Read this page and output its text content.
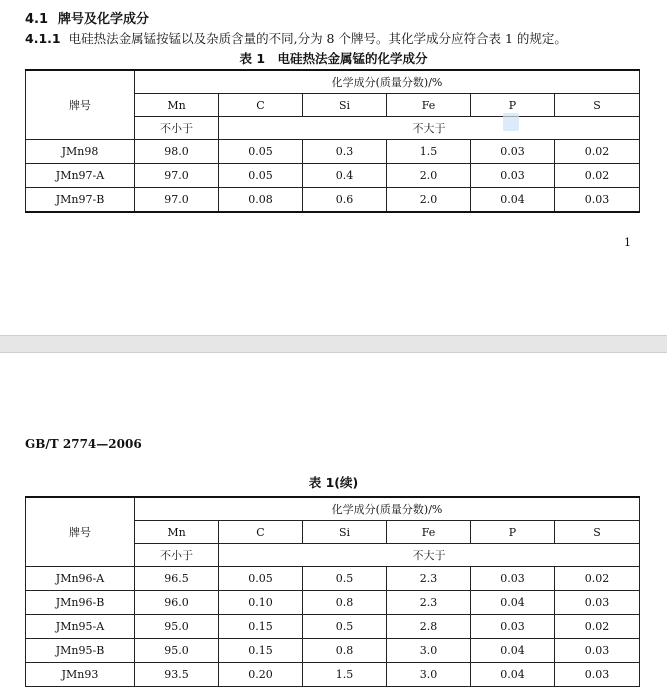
4.1 牌号及化学成分
4.1.1 电硅热法金属锰按锰以及杂质含量的不同,分为 8 个牌号。其化学成分应符合表 1 的规定。
表 1　电硅热法金属锰的化学成分
牌号	化学成分(质量分数)/%					
	Mn	C	Si	Fe	P	S
	不小于	不大于				
JMn98	98.0	0.05	0.3	1.5	0.03	0.02
JMn97-A	97.0	0.05	0.4	2.0	0.03	0.02
JMn97-B	97.0	0.08	0.6	2.0	0.04	0.03
1
GB/T 2774—2006
表 1(续)
牌号	化学成分(质量分数)/%					
	Mn	C	Si	Fe	P	S
	不小于	不大于				
JMn96-A	96.5	0.05	0.5	2.3	0.03	0.02
JMn96-B	96.0	0.10	0.8	2.3	0.04	0.03
JMn95-A	95.0	0.15	0.5	2.8	0.03	0.02
JMn95-B	95.0	0.15	0.8	3.0	0.04	0.03
JMn93	93.5	0.20	1.5	3.0	0.04	0.03
